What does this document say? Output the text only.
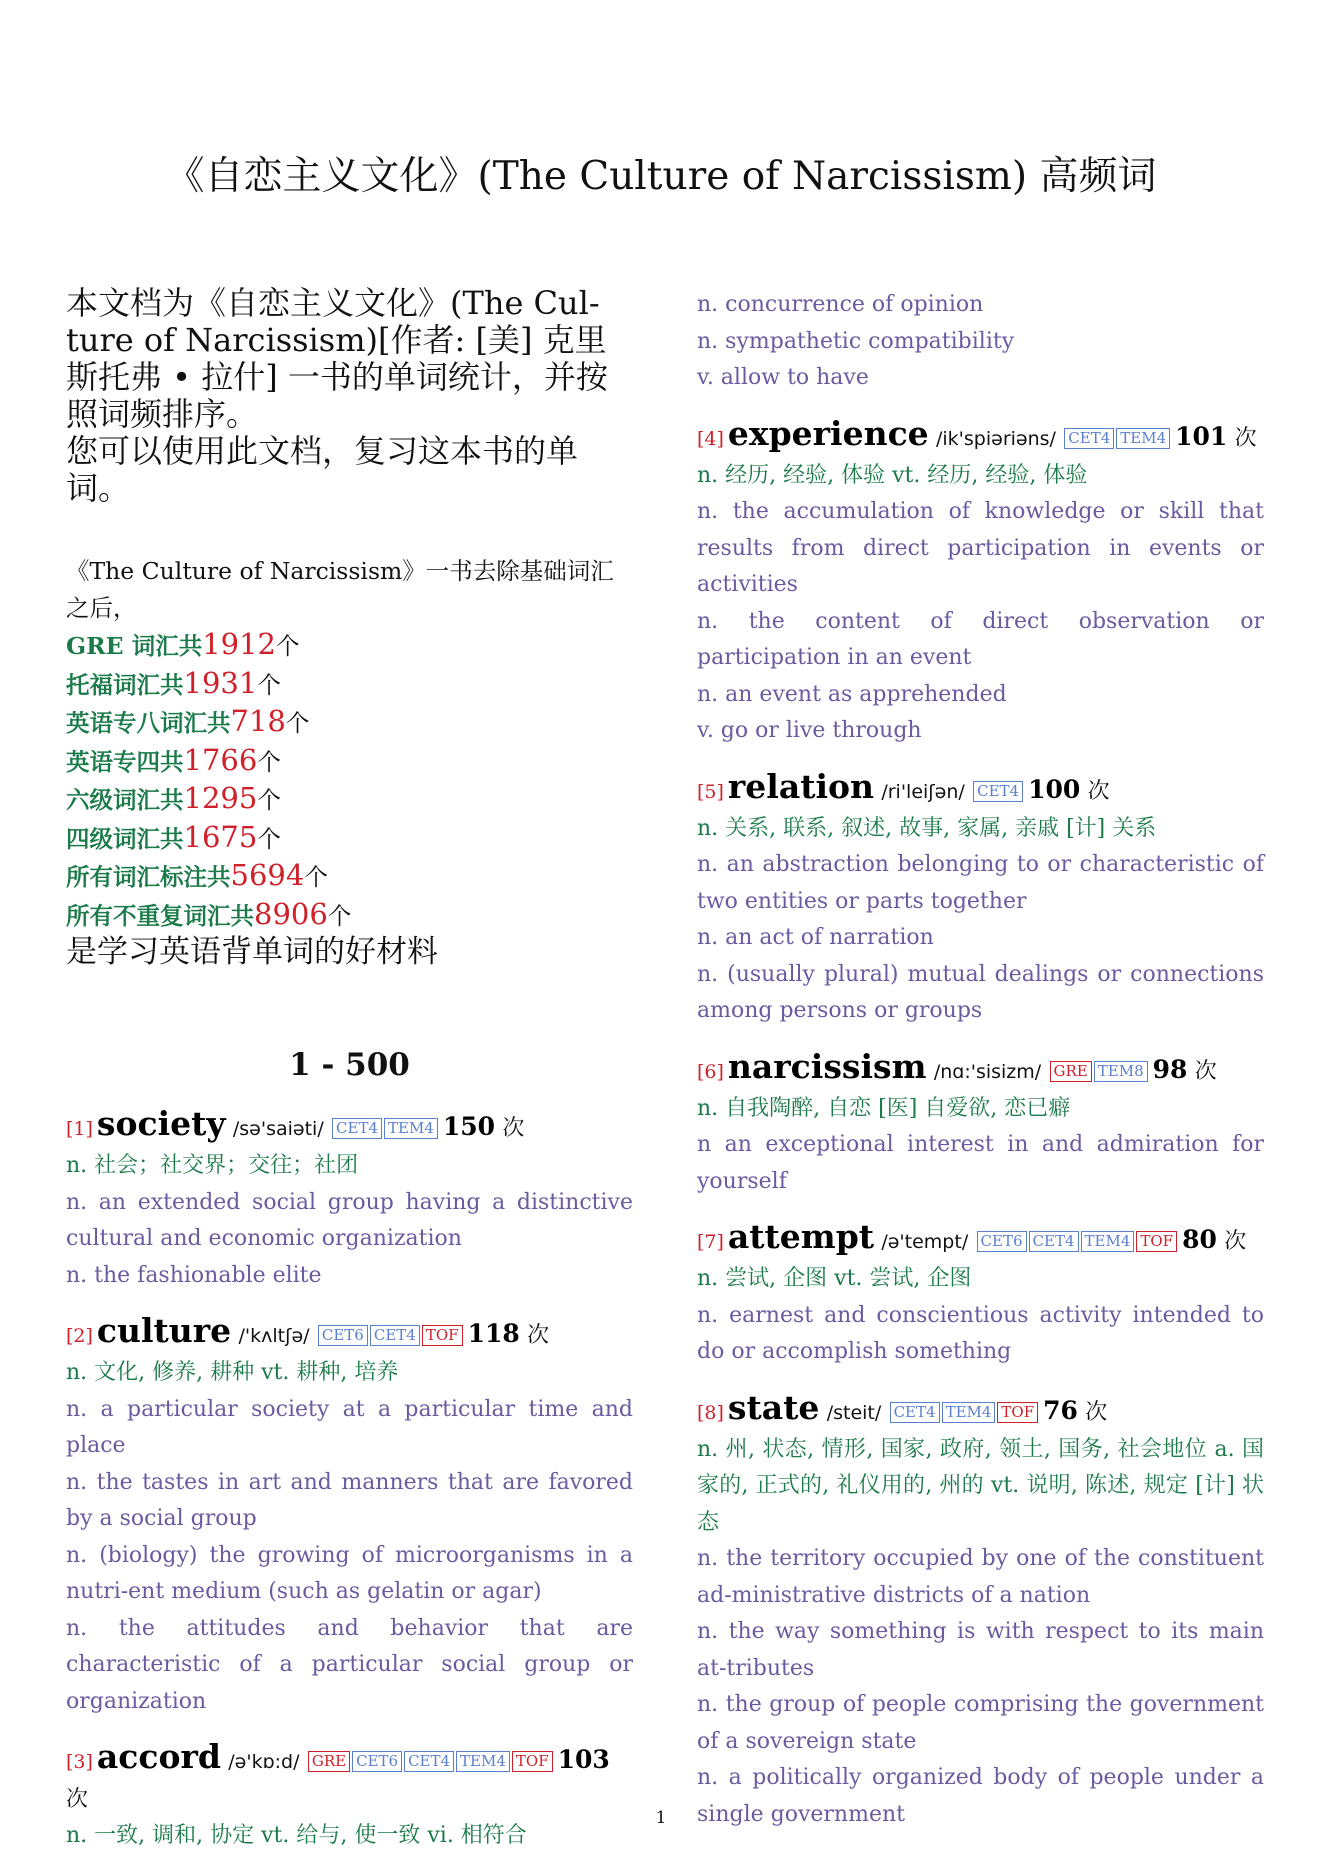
《自恋主义文化》(The Culture of Narcissism) 高频词

本文档为《自恋主义文化》(The Cul-ture of Narcissism)[作者: [美] 克里斯托弗 • 拉什] 一书的单词统计，并按照词频排序。

您可以使用此文档，复习这本书的单词。

《The Culture of Narcissism》一书去除基础词汇之后，
GRE 词汇共1912个
托福词汇共1931个
英语专八词汇共718个
英语专四共1766个
六级词汇共1295个
四级词汇共1675个
所有词汇标注共5694个
所有不重复词汇共8906个
是学习英语背单词的好材料
1 - 500

[1] society /sə'saiəti/ CET4 TEM4 150 次

n. 社会；社交界；交往；社团

n. an extended social group having a distinctive cultural and economic organization

n. the fashionable elite

[2] culture /'kʌltʃə/ CET6 CET4 TOF 118 次

n. 文化, 修养, 耕种 vt. 耕种, 培养

n. a particular society at a particular time and place

n. the tastes in art and manners that are favored by a social group

n. (biology) the growing of microorganisms in a nutri-ent medium (such as gelatin or agar)

n. the attitudes and behavior that are characteristic of a particular social group or organization

[3] accord /ə'kɒ:d/ GRE CET6 CET4 TEM4 TOF 103 次

n. 一致, 调和, 协定 vt. 给与, 使一致 vi. 相符合

n. concurrence of opinion

n. sympathetic compatibility

v. allow to have

[4] experience /ik'spiəriəns/ CET4 TEM4 101 次

n. 经历, 经验, 体验 vt. 经历, 经验, 体验

n. the accumulation of knowledge or skill that results from direct participation in events or activities

n. the content of direct observation or participation in an event

n. an event as apprehended

v. go or live through

[5] relation /ri'leiʃən/ CET4 100 次

n. 关系, 联系, 叙述, 故事, 家属, 亲戚 [计] 关系

n. an abstraction belonging to or characteristic of two entities or parts together

n. an act of narration

n. (usually plural) mutual dealings or connections among persons or groups

[6] narcissism /nɑ:'sisizm/ GRE TEM8 98 次

n. 自我陶醉, 自恋 [医] 自爱欲, 恋已癖

n an exceptional interest in and admiration for yourself

[7] attempt /ə'tempt/ CET6 CET4 TEM4 TOF 80 次

n. 尝试, 企图 vt. 尝试, 企图

n. earnest and conscientious activity intended to do or accomplish something

[8] state /steit/ CET4 TEM4 TOF 76 次

n. 州, 状态, 情形, 国家, 政府, 领土, 国务, 社会地位 a. 国家的, 正式的, 礼仪用的, 州的 vt. 说明, 陈述, 规定 [计] 状态

n. the territory occupied by one of the constituent ad-ministrative districts of a nation

n. the way something is with respect to its main at-tributes

n. the group of people comprising the government of a sovereign state

n. a politically organized body of people under a single government

1
